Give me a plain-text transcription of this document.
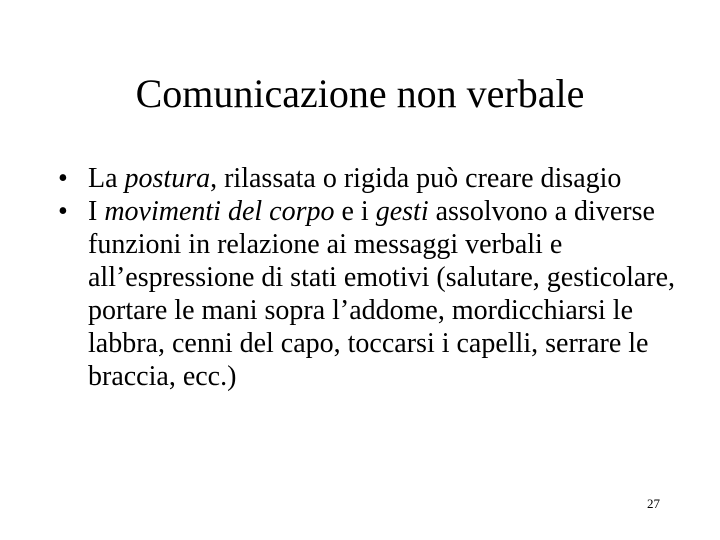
Comunicazione non verbale
• La postura, rilassata o rigida può creare disagio
• I movimenti del corpo e i gesti assolvono a diverse funzioni in relazione ai messaggi verbali e all’espressione di stati emotivi (salutare, gesticolare, portare le mani sopra l’addome, mordicchiarsi le labbra, cenni del capo, toccarsi i capelli, serrare le braccia, ecc.)
27
